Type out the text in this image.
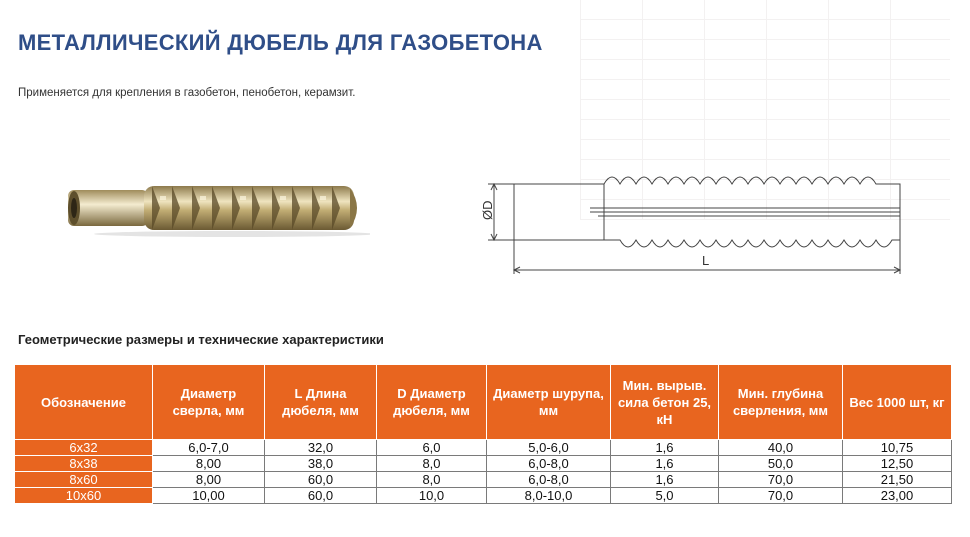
МЕТАЛЛИЧЕСКИЙ ДЮБЕЛЬ ДЛЯ ГАЗОБЕТОНА
Применяется для крепления в газобетон, пенобетон, керамзит.
ØD
L
Геометрические размеры и технические характеристики
Обозначение	Диаметр сверла, мм	L Длина дюбеля, мм	D Диаметр дюбеля, мм	Диаметр шурупа, мм	Мин. вырыв. сила бетон 25, кН	Мин. глубина сверления, мм	Вес 1000 шт, кг
6x32	6,0-7,0	32,0	6,0	5,0-6,0	1,6	40,0	10,75
8x38	8,00	38,0	8,0	6,0-8,0	1,6	50,0	12,50
8x60	8,00	60,0	8,0	6,0-8,0	1,6	70,0	21,50
10x60	10,00	60,0	10,0	8,0-10,0	5,0	70,0	23,00
